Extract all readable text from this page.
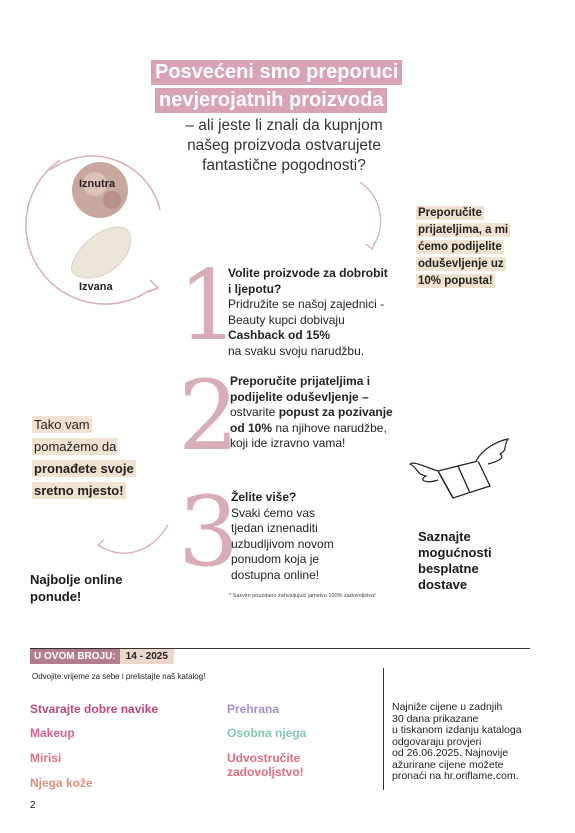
Posvećeni smo preporuci
nevjerojatnih proizvoda
– ali jeste li znali da kupnjom našeg proizvoda ostvarujete fantastične pogodnosti?
Iznutra
Izvana
Preporučite
prijateljima, a mi
ćemo podijelite
oduševljenje uz
10% popusta!
1
Volite proizvode za dobrobit i ljepotu?
Pridružite se našoj zajednici - Beauty kupci dobivaju
Cashback od 15%
na svaku svoju narudžbu.
2
Preporučite prijateljima i podijelite oduševljenje –
ostvarite popust za pozivanje od 10% na njihove narudžbe, koji ide izravno vama!
3
Želite više?
Svaki ćemo vas tjedan iznenaditi uzbudljivom novom ponudom koja je dostupna online!
Tako vam
pomažemo da
pronađete svoje
sretno mjesto!
Najbolje online
ponude!
Saznajte
mogućnosti
besplatne
dostave
* Sasvim pouzdano zahvaljujući jamstvu 100% zadovoljstva!
U OVOM BROJU:	14 - 2025
Odvojite vrijeme za sebe i prelistajte naš katalog!
Stvarajte dobre navike
Makeup
Mirisi
Njega kože
Prehrana
Osobna njega
Udvostručite
zadovoljstvo!
Najniže cijene u zadnjih
30 dana prikazane
u tiskanom izdanju kataloga
odgovaraju provjeri
od 26.06.2025. Najnovije
ažurirane cijene možete
pronaći na hr.oriflame.com.
2
